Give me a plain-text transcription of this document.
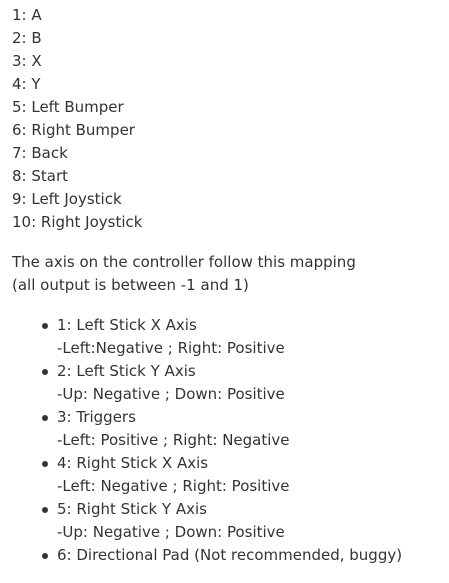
1: A
2: B
3: X
4: Y
5: Left Bumper
6: Right Bumper
7: Back
8: Start
9: Left Joystick
10: Right Joystick
The axis on the controller follow this mapping
(all output is between -1 and 1)
1: Left Stick X Axis
-Left:Negative ; Right: Positive
2: Left Stick Y Axis
-Up: Negative ; Down: Positive
3: Triggers
-Left: Positive ; Right: Negative
4: Right Stick X Axis
-Left: Negative ; Right: Positive
5: Right Stick Y Axis
-Up: Negative ; Down: Positive
6: Directional Pad (Not recommended, buggy)
